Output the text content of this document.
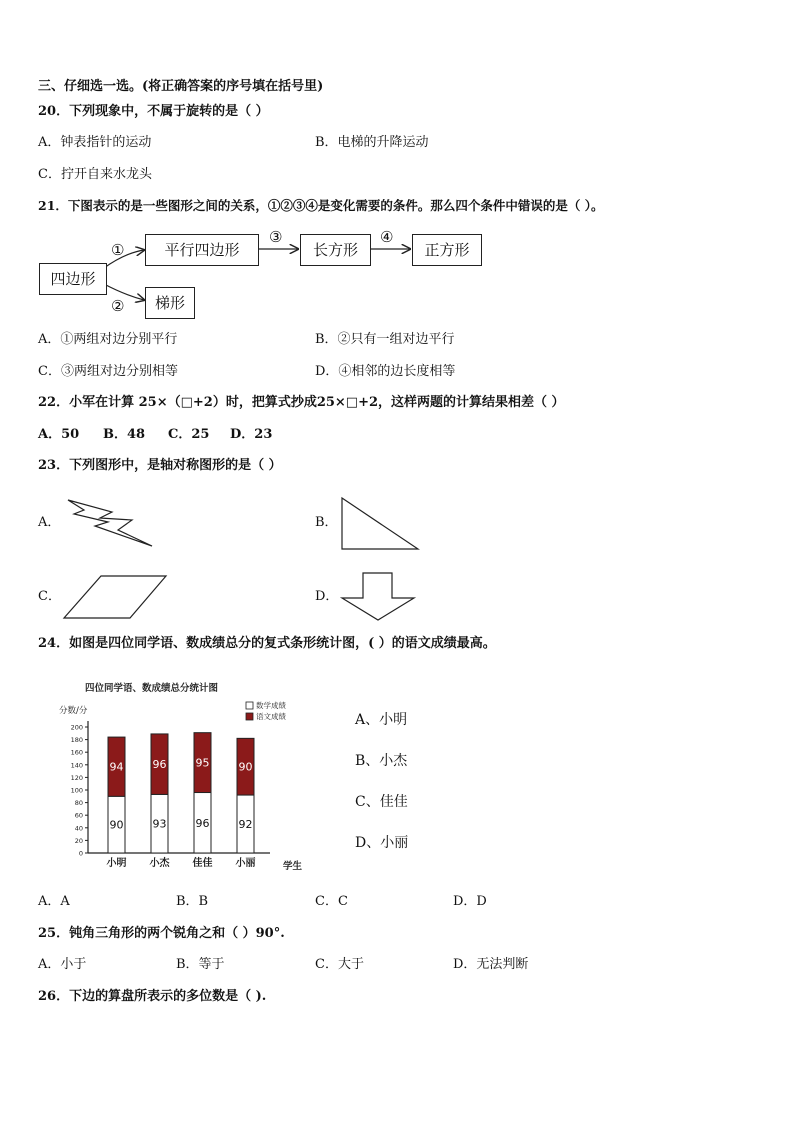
三、仔细选一选。(将正确答案的序号填在括号里)
20．下列现象中，不属于旋转的是（ ）
A．钟表指针的运动	B．电梯的升降运动
C．拧开自来水龙头
21．下图表示的是一些图形之间的关系，①②③④是变化需要的条件。那么四个条件中错误的是（ ）。
四边形
平行四边形	长方形	正方形
梯形
①
②
③	④
A．①两组对边分别平行	B．②只有一组对边平行
C．③两组对边分别相等	D．④相邻的边长度相等
22．小军在计算 25×（□+2）时，把算式抄成25×□+2，这样两题的计算结果相差（ ）
A．50 B．48 C．25 D．23
23．下列图形中，是轴对称图形的是（ ）
A．	B．
C．	D．
24．如图是四位同学语、数成绩总分的复式条形统计图，( ）的语文成绩最高。
四位同学语、数成绩总分统计图
分数/分
学生
数学成绩
语文成绩
0
20
40
60
80
100
120
140
160
180
200
90
94
小明
93
96
小杰
96
95
佳佳
92
90
小丽
A、小明
B、小杰
C、佳佳
D、小丽
A．A	B．B	C．C	D．D
25．钝角三角形的两个锐角之和（ ）90°.
A．小于	B．等于	C．大于	D．无法判断
26．下边的算盘所表示的多位数是（ ).
